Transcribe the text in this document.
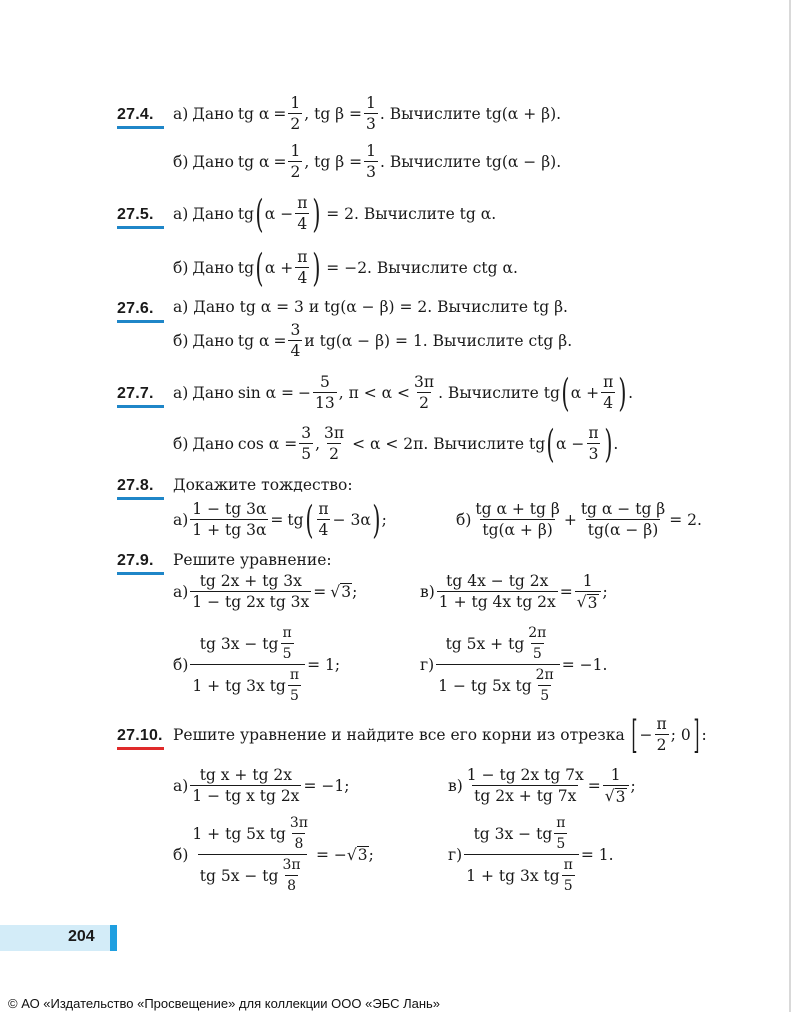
27.4. а) Дано tg $\alpha = \frac{1}{2}$ , tg $\beta = \frac{1}{3}$ . Вычислите tg(α + β).
б) Дано tg $\alpha = \frac{1}{2}$ , tg $\beta = \frac{1}{3}$ . Вычислите tg(α − β).
27.5. а) Дано tg ( $\alpha - \frac{\pi}{4}$ ) = 2. Вычислите tg α.
б) Дано tg ( $\alpha + \frac{\pi}{4}$ ) = −2. Вычислите ctg α.
27.6. а) Дано tg α = 3 и tg(α − β) = 2. Вычислите tg β.
б) Дано tg $\alpha = \frac{3}{4}$ и tg(α − β) = 1. Вычислите ctg β.
27.7. а) Дано sin α = − $\frac{5}{13}$ , $\pi < \alpha < \frac{3\pi}{2}$ . Вычислите tg ( $\alpha + \frac{\pi}{4}$ ) .
б) Дано $\cos \alpha = \frac{3}{5}$ , $\frac{3\pi}{2} < \alpha < 2\pi$. Вычислите tg ( $\alpha - \frac{\pi}{3}$ ) .
27.8. Докажите тождество:
$а) \frac{1 - tg 3\alpha}{1 + tg 3\alpha}$ = tg ( $\frac{\pi}{4} - 3\alpha$ ) ;	$б) \frac{\text{tg α + tg β}}{tg(\alpha + \beta)} + \frac{\text{tg α − tg β}}{tg(\alpha - \beta)} = 2$.
27.9. Решите уравнение:
$а) \frac{tg 2x + tg 3x}{\text{1 − tg 2x tg 3x}}$ = √ 3 ;	$в) \frac{tg 4x - tg 2x}{\text{1 + tg 4x tg 2x}} = \frac{1}{√ 3}$ ;
$б) \frac{tg 3x - tg \frac{\pi}{5}}{1 + tg 3x tg \frac{\pi}{5}} = 1$;	$г) \frac{tg 5x + tg \frac{2\pi}{5}}{1 - tg 5x tg \frac{2\pi}{5}} = -1$.
27.10. Решите уравнение и найдите все его корни из отрезка [ − $\frac{\pi}{2}$ ; 0 ] :
$а) \frac{\text{tg x + tg 2x}}{\text{1 − tg x tg 2x}} = -1$;	$в) \frac{\text{1 − tg 2x tg 7x}}{tg 2x + tg 7x} = \frac{1}{√ 3}$ ;
$б) \frac{1 + tg 5x tg \frac{3\pi}{8}}{tg 5x - tg \frac{3\pi}{8}}$ = − √ 3 ;	$г) \frac{tg 3x - tg \frac{\pi}{5}}{1 + tg 3x tg \frac{\pi}{5}} = 1$.
204
© АО «Издательство «Просвещение» для коллекции ООО «ЭБС Лань»
